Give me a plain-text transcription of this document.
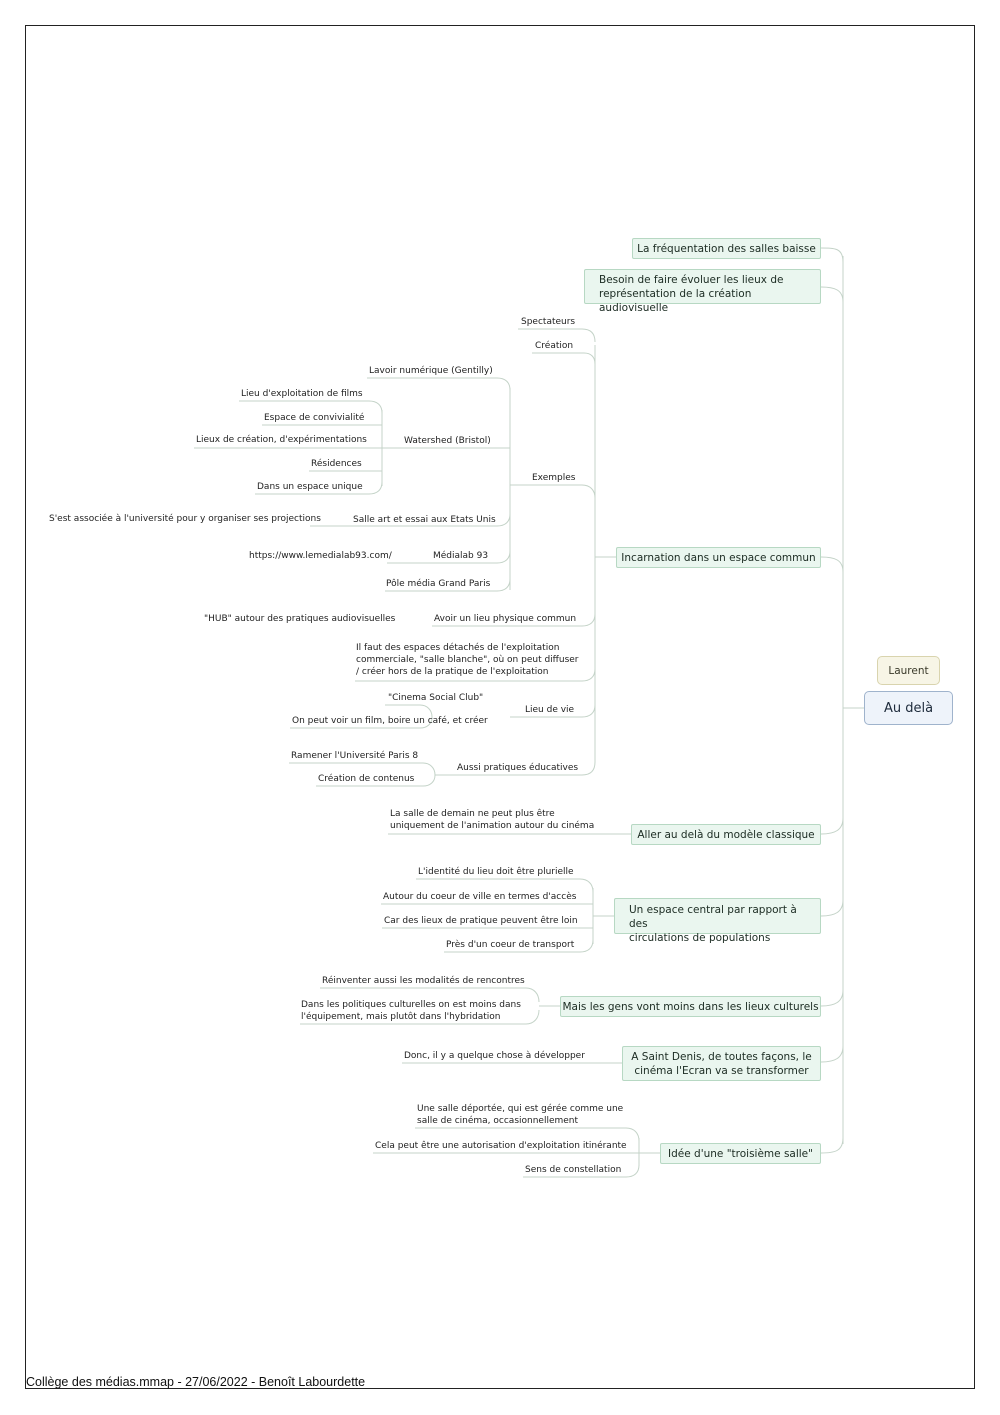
Laurent
Au delà
La fréquentation des salles baisse
Besoin de faire évoluer les lieux de
représentation de la création audiovisuelle
Incarnation dans un espace commun
Aller au delà du modèle classique
Un espace central par rapport à des
circulations de populations
Mais les gens vont moins dans les lieux culturels
A Saint Denis, de toutes façons, le
cinéma l'Ecran va se transformer
Idée d'une "troisième salle"
Spectateurs
Création
Exemples
Avoir un lieu physique commun
Il faut des espaces détachés de l'exploitation
commerciale, "salle blanche", où on peut diffuser
/ créer hors de la pratique de l'exploitation
Lieu de vie
Aussi pratiques éducatives
Lavoir numérique (Gentilly)
Watershed (Bristol)
Salle art et essai aux Etats Unis
Médialab 93
Pôle média Grand Paris
Lieu d'exploitation de films
Espace de convivialité
Lieux de création, d'expérimentations
Résidences
Dans un espace unique
S'est associée à l'université pour y organiser ses projections
https://www.lemedialab93.com/
"HUB" autour des pratiques audiovisuelles
"Cinema Social Club"
On peut voir un film, boire un café, et créer
Ramener l'Université Paris 8
Création de contenus
La salle de demain ne peut plus être
uniquement de l'animation autour du cinéma
L'identité du lieu doit être plurielle
Autour du coeur de ville en termes d'accès
Car des lieux de pratique peuvent être loin
Près d'un coeur de transport
Réinventer aussi les modalités de rencontres
Dans les politiques culturelles on est moins dans
l'équipement, mais plutôt dans l'hybridation
Donc, il y a quelque chose à développer
Une salle déportée, qui est gérée comme une
salle de cinéma, occasionnellement
Cela peut être une autorisation d'exploitation itinérante
Sens de constellation
Collège des médias.mmap - 27/06/2022 - Benoît Labourdette
